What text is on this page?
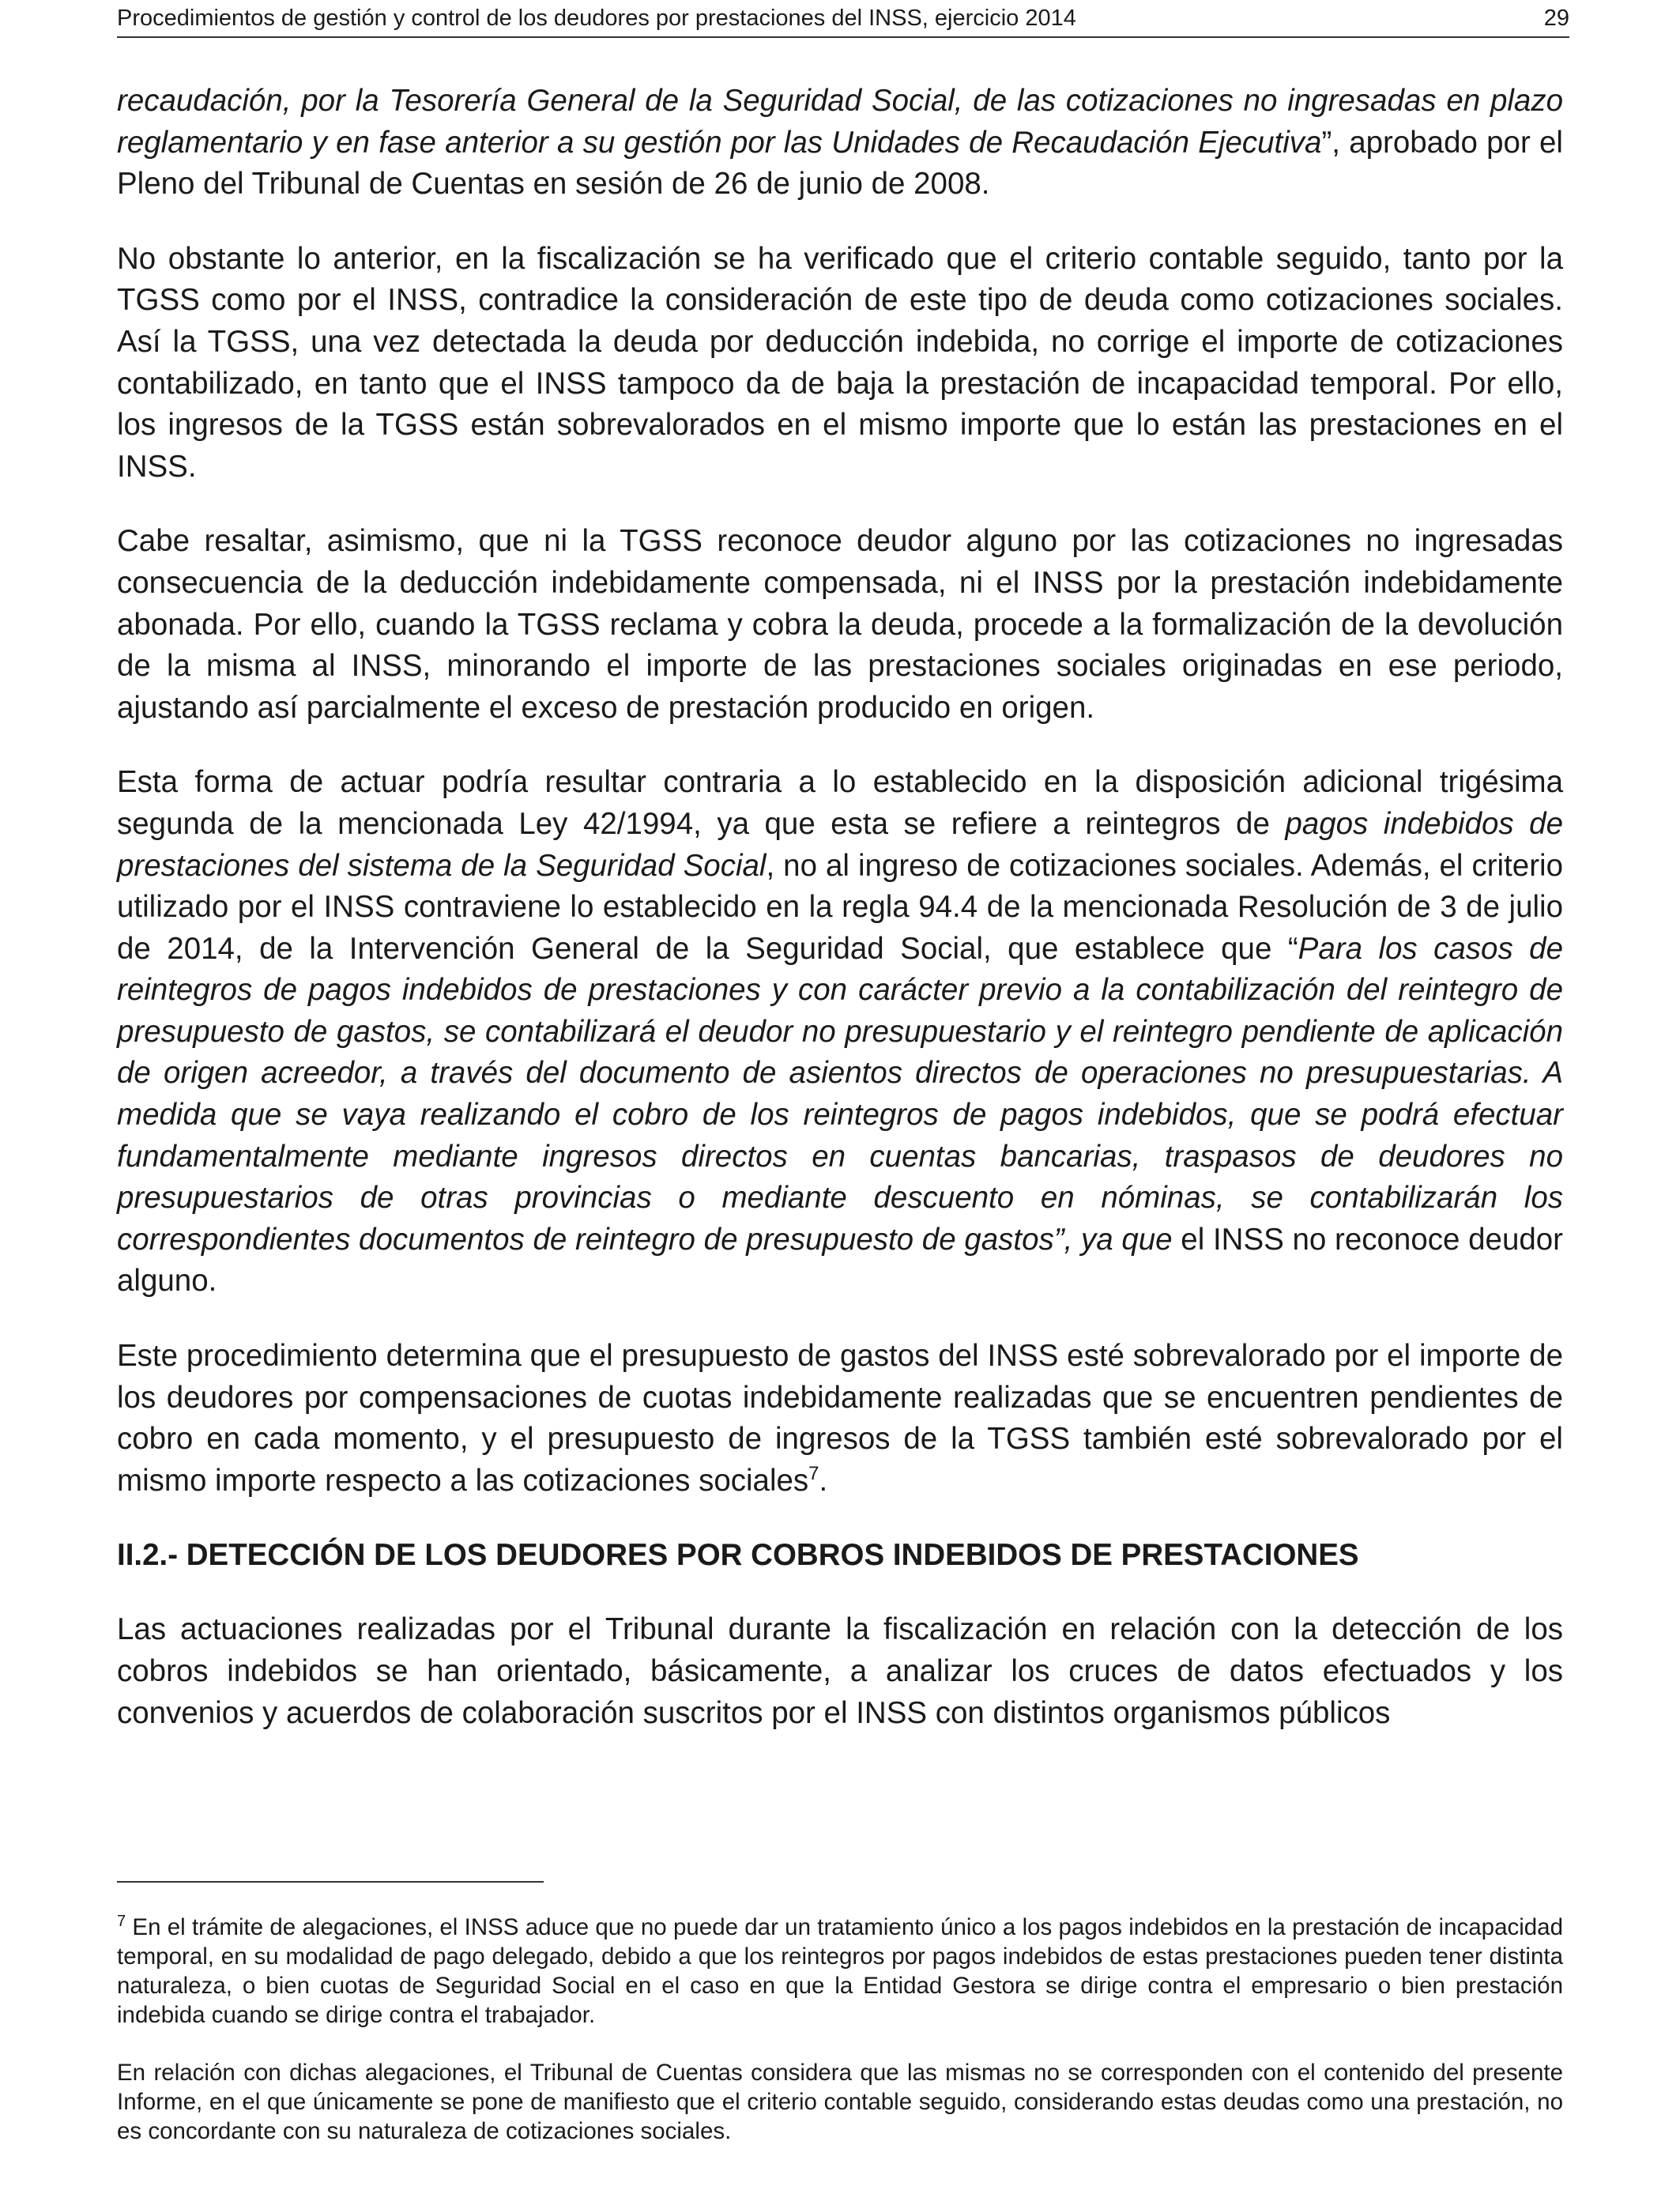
Procedimientos de gestión y control de los deudores por prestaciones del INSS, ejercicio 2014	29

recaudación, por la Tesorería General de la Seguridad Social, de las cotizaciones no ingresadas en plazo reglamentario y en fase anterior a su gestión por las Unidades de Recaudación Ejecutiva”, aprobado por el Pleno del Tribunal de Cuentas en sesión de 26 de junio de 2008.

No obstante lo anterior, en la fiscalización se ha verificado que el criterio contable seguido, tanto por la TGSS como por el INSS, contradice la consideración de este tipo de deuda como cotizaciones sociales. Así la TGSS, una vez detectada la deuda por deducción indebida, no corrige el importe de cotizaciones contabilizado, en tanto que el INSS tampoco da de baja la prestación de incapacidad temporal. Por ello, los ingresos de la TGSS están sobrevalorados en el mismo importe que lo están las prestaciones en el INSS.

Cabe resaltar, asimismo, que ni la TGSS reconoce deudor alguno por las cotizaciones no ingresadas consecuencia de la deducción indebidamente compensada, ni el INSS por la prestación indebidamente abonada. Por ello, cuando la TGSS reclama y cobra la deuda, procede a la formalización de la devolución de la misma al INSS, minorando el importe de las prestaciones sociales originadas en ese periodo, ajustando así parcialmente el exceso de prestación producido en origen.

Esta forma de actuar podría resultar contraria a lo establecido en la disposición adicional trigésima segunda de la mencionada Ley 42/1994, ya que esta se refiere a reintegros de pagos indebidos de prestaciones del sistema de la Seguridad Social, no al ingreso de cotizaciones sociales. Además, el criterio utilizado por el INSS contraviene lo establecido en la regla 94.4 de la mencionada Resolución de 3 de julio de 2014, de la Intervención General de la Seguridad Social, que establece que “Para los casos de reintegros de pagos indebidos de prestaciones y con carácter previo a la contabilización del reintegro de presupuesto de gastos, se contabilizará el deudor no presupuestario y el reintegro pendiente de aplicación de origen acreedor, a través del documento de asientos directos de operaciones no presupuestarias. A medida que se vaya realizando el cobro de los reintegros de pagos indebidos, que se podrá efectuar fundamentalmente mediante ingresos directos en cuentas bancarias, traspasos de deudores no presupuestarios de otras provincias o mediante descuento en nóminas, se contabilizarán los correspondientes documentos de reintegro de presupuesto de gastos”, ya que el INSS no reconoce deudor alguno.

Este procedimiento determina que el presupuesto de gastos del INSS esté sobrevalorado por el importe de los deudores por compensaciones de cuotas indebidamente realizadas que se encuentren pendientes de cobro en cada momento, y el presupuesto de ingresos de la TGSS también esté sobrevalorado por el mismo importe respecto a las cotizaciones sociales$^7$.

II.2.- DETECCIÓN DE LOS DEUDORES POR COBROS INDEBIDOS DE PRESTACIONES

Las actuaciones realizadas por el Tribunal durante la fiscalización en relación con la detección de los cobros indebidos se han orientado, básicamente, a analizar los cruces de datos efectuados y los convenios y acuerdos de colaboración suscritos por el INSS con distintos organismos públicos

$^7$ En el trámite de alegaciones, el INSS aduce que no puede dar un tratamiento único a los pagos indebidos en la prestación de incapacidad temporal, en su modalidad de pago delegado, debido a que los reintegros por pagos indebidos de estas prestaciones pueden tener distinta naturaleza, o bien cuotas de Seguridad Social en el caso en que la Entidad Gestora se dirige contra el empresario o bien prestación indebida cuando se dirige contra el trabajador.

En relación con dichas alegaciones, el Tribunal de Cuentas considera que las mismas no se corresponden con el contenido del presente Informe, en el que únicamente se pone de manifiesto que el criterio contable seguido, considerando estas deudas como una prestación, no es concordante con su naturaleza de cotizaciones sociales.
